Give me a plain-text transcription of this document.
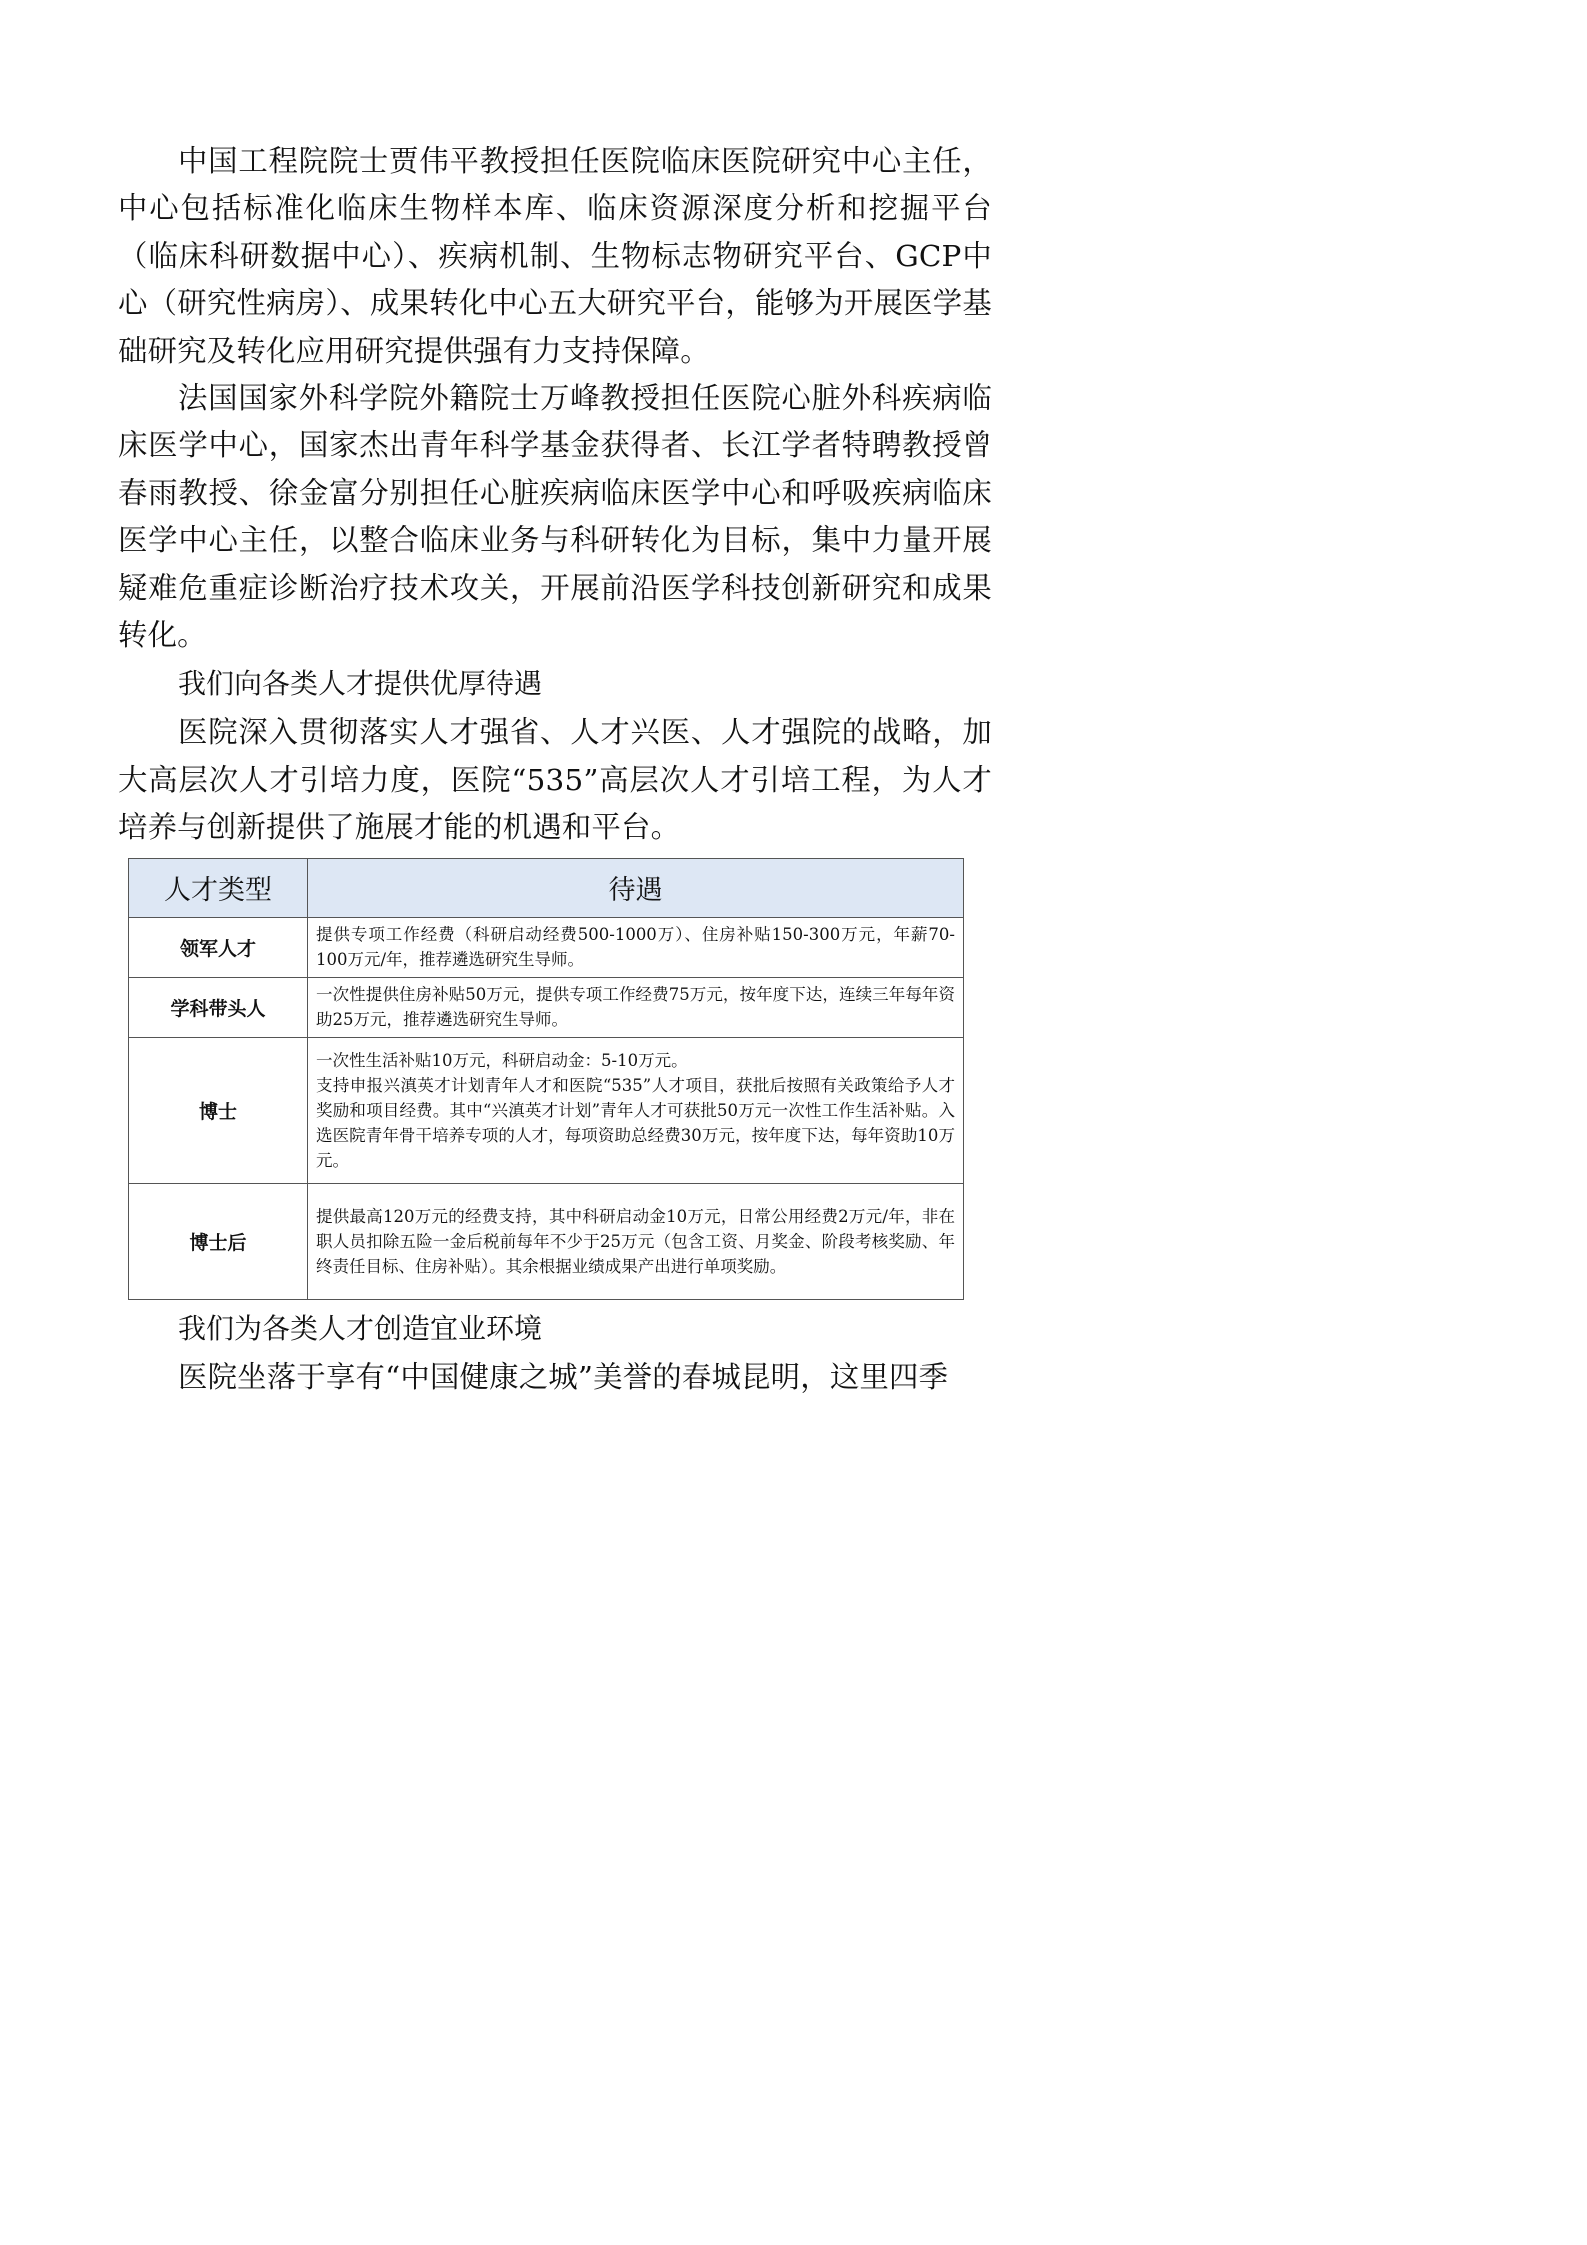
中国工程院院士贾伟平教授担任医院临床医院研究中心主任，中心包括标准化临床生物样本库、临床资源深度分析和挖掘平台（临床科研数据中心）、疾病机制、生物标志物研究平台、GCP中心（研究性病房）、成果转化中心五大研究平台，能够为开展医学基础研究及转化应用研究提供强有力支持保障。

法国国家外科学院外籍院士万峰教授担任医院心脏外科疾病临床医学中心，国家杰出青年科学基金获得者、长江学者特聘教授曾春雨教授、徐金富分别担任心脏疾病临床医学中心和呼吸疾病临床医学中心主任，以整合临床业务与科研转化为目标，集中力量开展疑难危重症诊断治疗技术攻关，开展前沿医学科技创新研究和成果转化。

我们向各类人才提供优厚待遇

医院深入贯彻落实人才强省、人才兴医、人才强院的战略，加大高层次人才引培力度，医院“535”高层次人才引培工程，为人才培养与创新提供了施展才能的机遇和平台。

人才类型	待遇
领军人才	提供专项工作经费（科研启动经费500-1000万）、住房补贴150-300万元，年薪70-100万元/年，推荐遴选研究生导师。

学科带头人	一次性提供住房补贴50万元，提供专项工作经费75万元，按年度下达，连续三年每年资助25万元，推荐遴选研究生导师。

博士	一次性生活补贴10万元，科研启动金：5-10万元。
支持申报兴滇英才计划青年人才和医院“535”人才项目，获批后按照有关政策给予人才奖励和项目经费。其中“兴滇英才计划”青年人才可获批50万元一次性工作生活补贴。入选医院青年骨干培养专项的人才，每项资助总经费30万元，按年度下达，每年资助10万元。

博士后	提供最高120万元的经费支持，其中科研启动金10万元，日常公用经费2万元/年，非在职人员扣除五险一金后税前每年不少于25万元（包含工资、月奖金、阶段考核奖励、年终责任目标、住房补贴）。其余根据业绩成果产出进行单项奖励。
我们为各类人才创造宜业环境

医院坐落于享有“中国健康之城”美誉的春城昆明，这里四季
